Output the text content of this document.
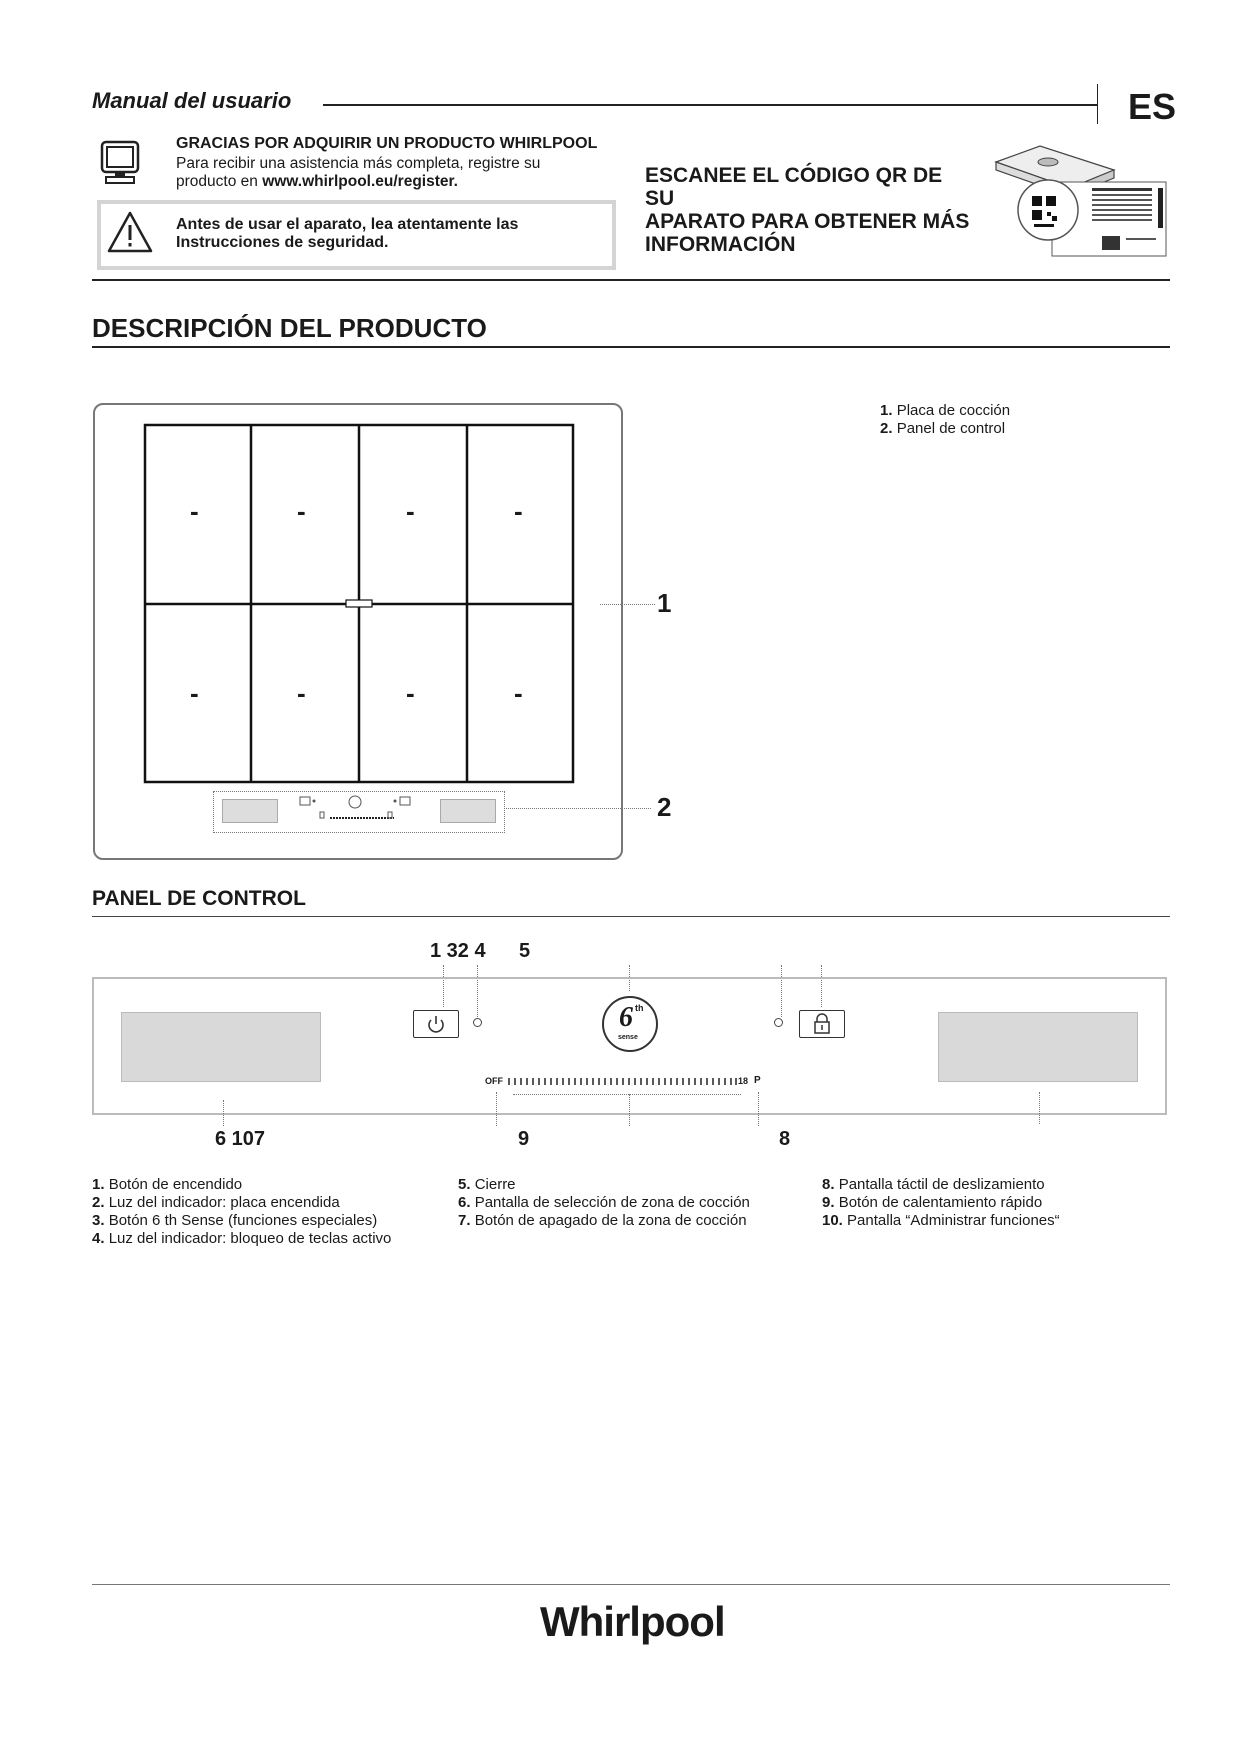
Manual del usuario	ES
GRACIAS POR ADQUIRIR UN PRODUCTO WHIRLPOOL
Para recibir una asistencia más completa, registre su
producto en www.whirlpool.eu/register.
Antes de usar el aparato, lea atentamente las
Instrucciones de seguridad.
ESCANEE EL CÓDIGO QR DE SU
APARATO PARA OBTENER MÁS
INFORMACIÓN
DESCRIPCIÓN DEL PRODUCTO
1. Placa de cocción
2. Panel de control
-	-	-	-
-	-	-	-
1
2
PANEL DE CONTROL
1 32 4 5
6 th
sense
OFF	18 P
6 107	9	8
1. Botón de encendido
2. Luz del indicador: placa encendida
3. Botón 6 th Sense (funciones especiales)
4. Luz del indicador: bloqueo de teclas activo
5. Cierre
6. Pantalla de selección de zona de cocción
7. Botón de apagado de la zona de cocción
8. Pantalla táctil de deslizamiento
9. Botón de calentamiento rápido
10. Pantalla “Administrar funciones“
Whirlpool
